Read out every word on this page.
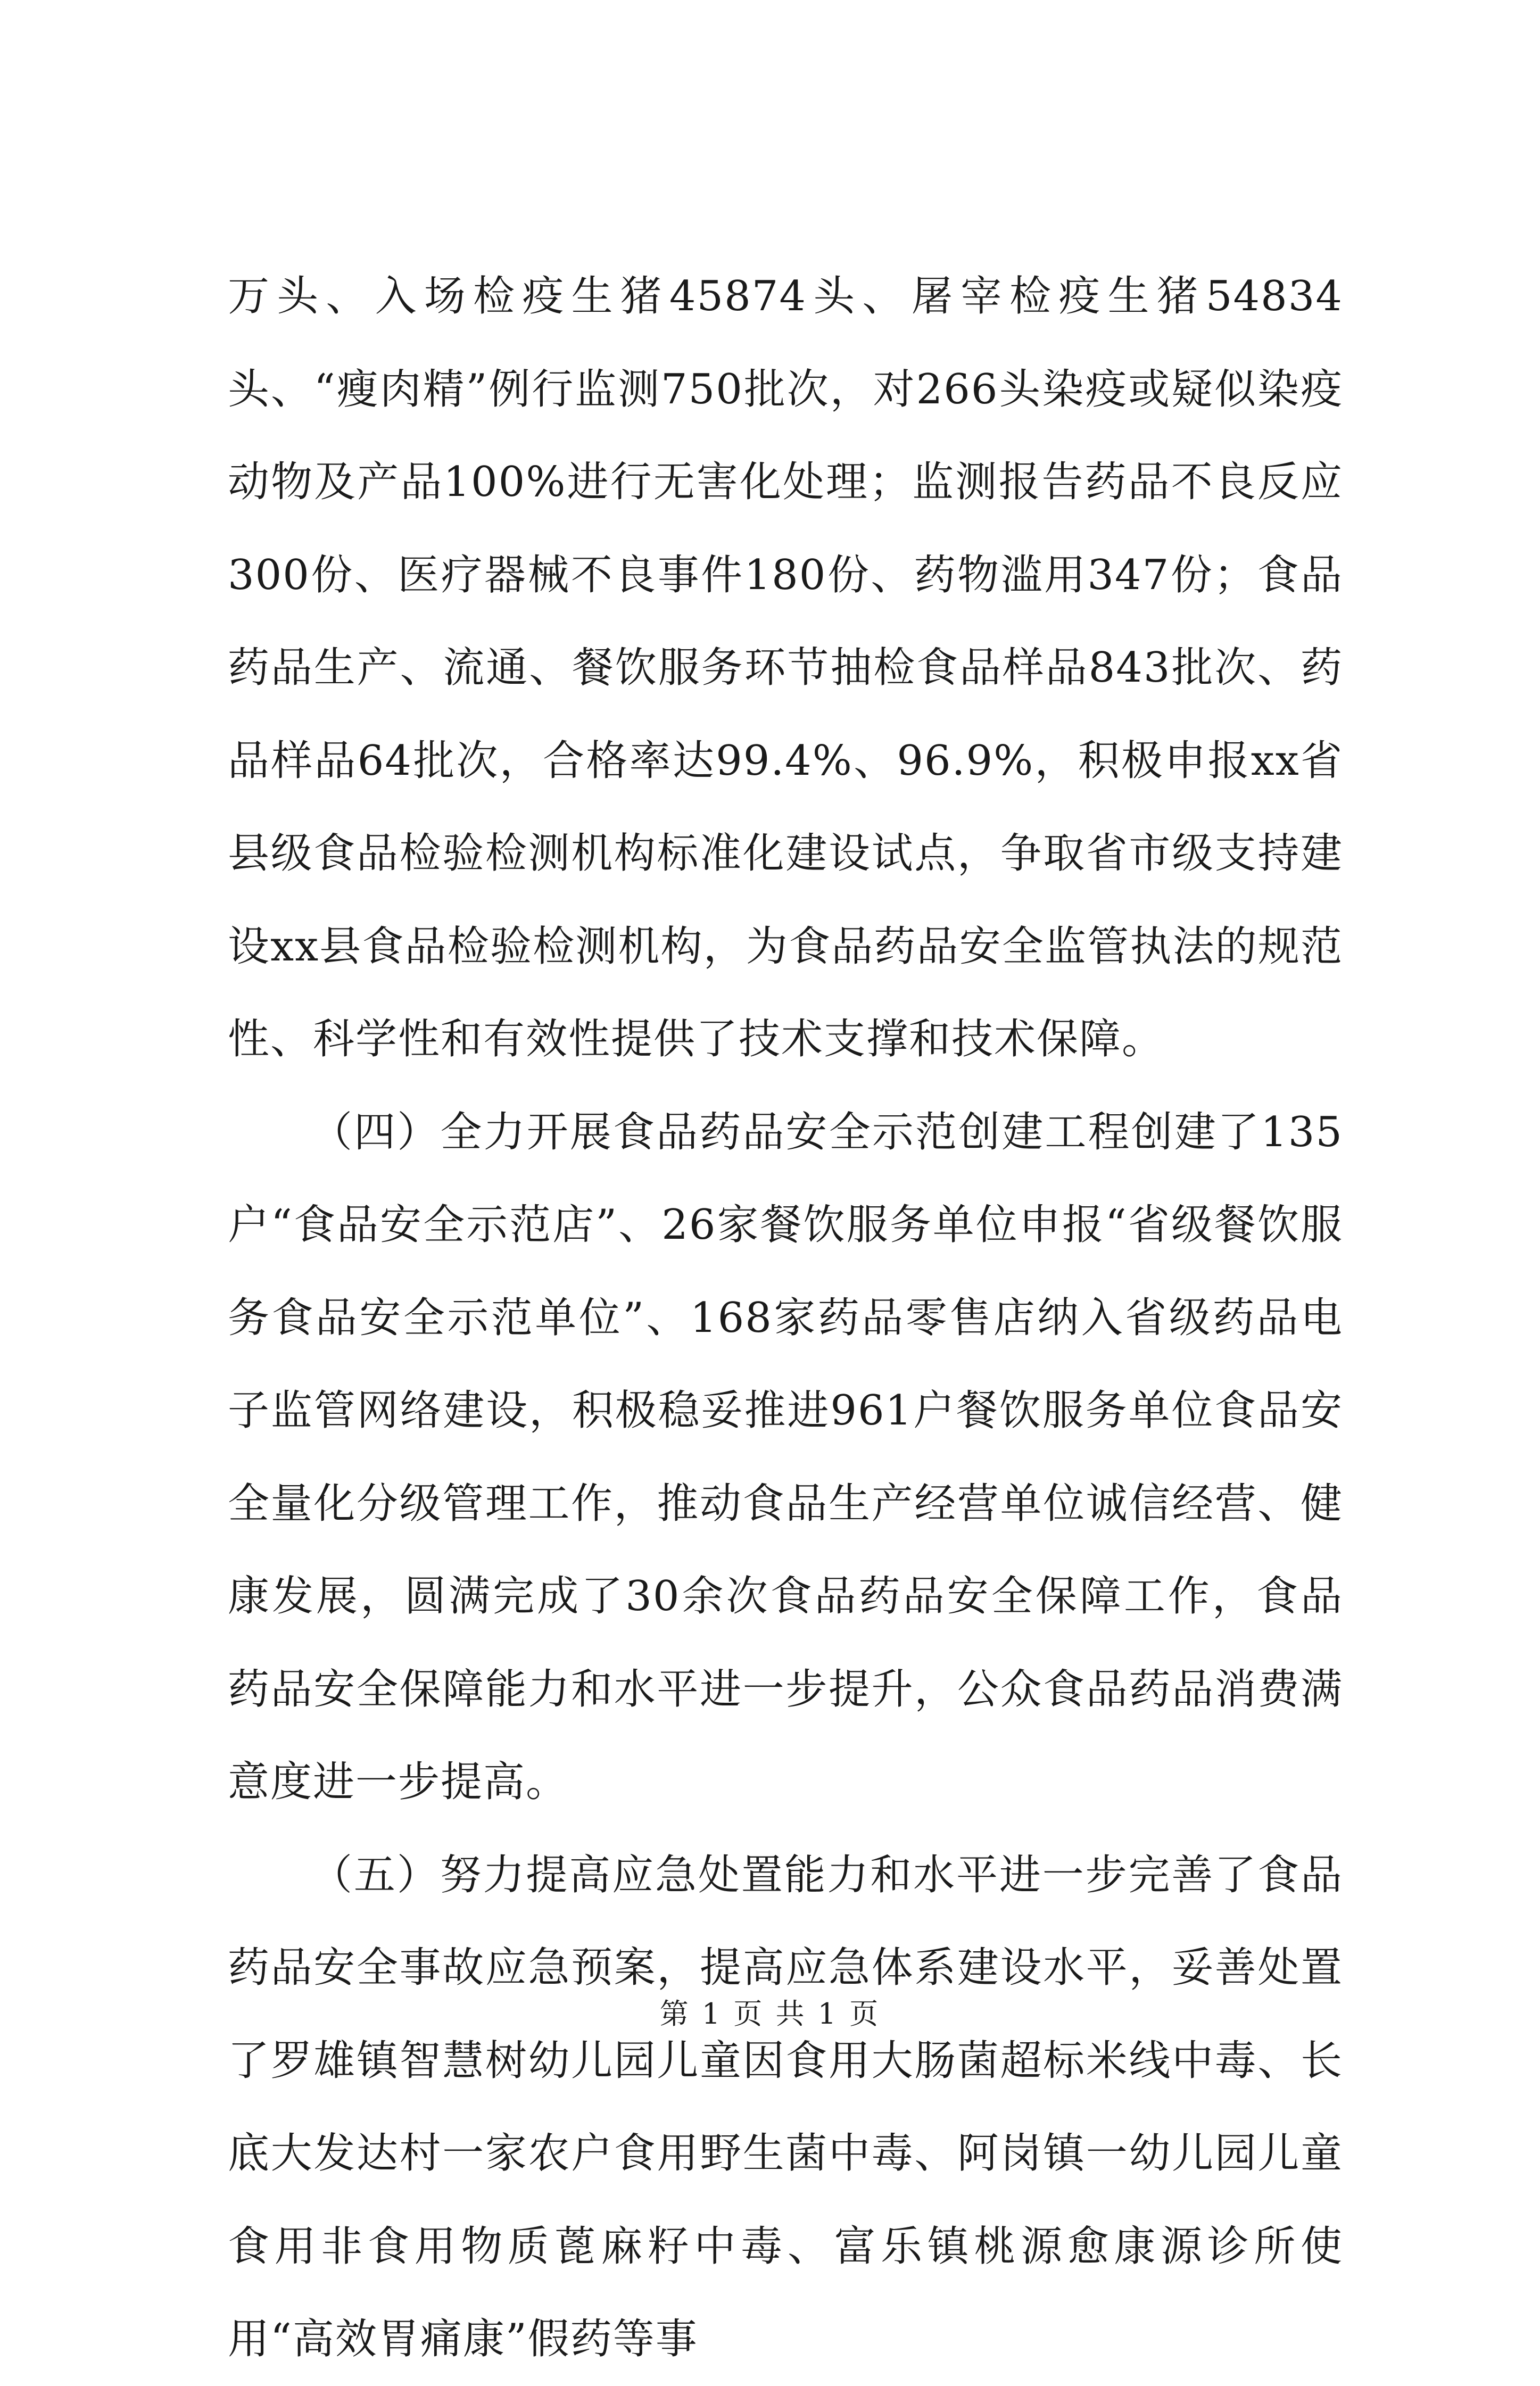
万头、入场检疫生猪45874头、屠宰检疫生猪54834头、“瘦肉精”例行监测750批次，对266头染疫或疑似染疫动物及产品100%进行无害化处理；监测报告药品不良反应300份、医疗器械不良事件180份、药物滥用347份；食品药品生产、流通、餐饮服务环节抽检食品样品843批次、药品样品64批次，合格率达99.4%、96.9%，积极申报xx省县级食品检验检测机构标准化建设试点，争取省市级支持建设xx县食品检验检测机构，为食品药品安全监管执法的规范性、科学性和有效性提供了技术支撑和技术保障。

（四）全力开展食品药品安全示范创建工程创建了135户“食品安全示范店”、26家餐饮服务单位申报“省级餐饮服务食品安全示范单位”、168家药品零售店纳入省级药品电子监管网络建设，积极稳妥推进961户餐饮服务单位食品安全量化分级管理工作，推动食品生产经营单位诚信经营、健康发展，圆满完成了30余次食品药品安全保障工作，食品药品安全保障能力和水平进一步提升，公众食品药品消费满意度进一步提高。

（五）努力提高应急处置能力和水平进一步完善了食品药品安全事故应急预案，提高应急体系建设水平，妥善处置了罗雄镇智慧树幼儿园儿童因食用大肠菌超标米线中毒、长底大发达村一家农户食用野生菌中毒、阿岗镇一幼儿园儿童食用非食用物质蓖麻籽中毒、富乐镇桃源愈康源诊所使用“高效胃痛康”假药等事

第 1 页 共 1 页
